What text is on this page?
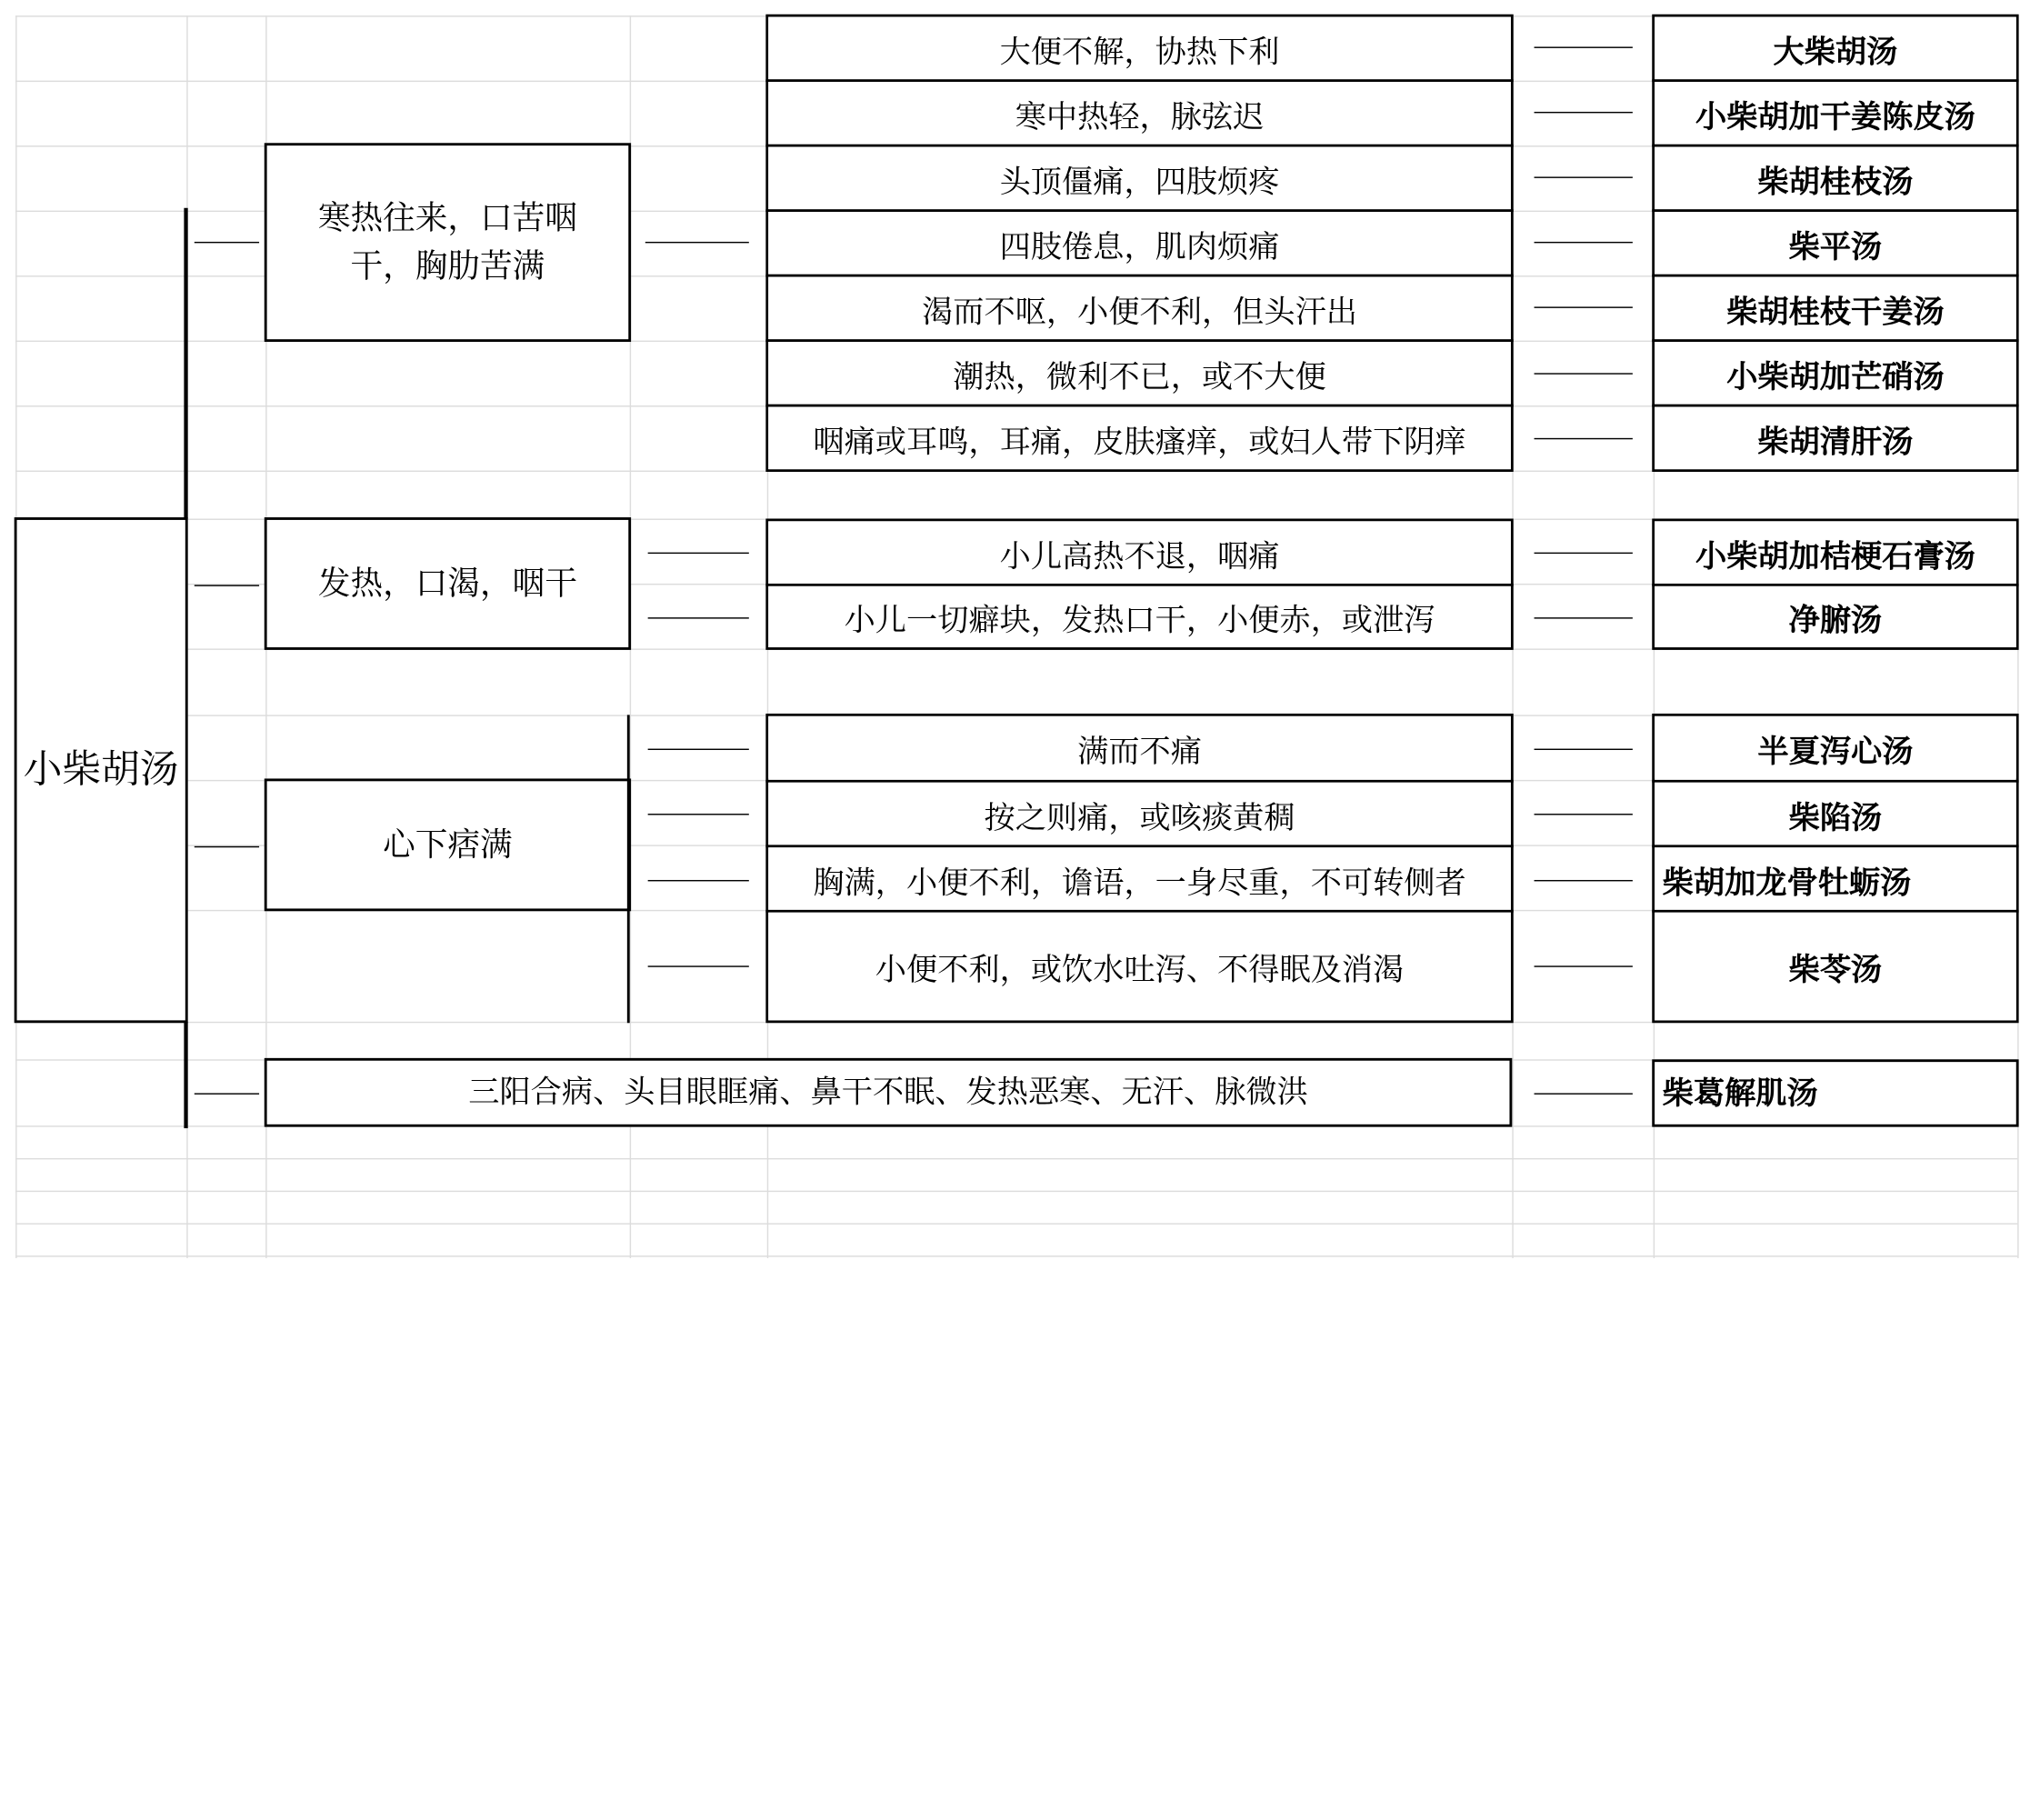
小柴胡汤
寒热往来，口苦咽干，胸肋苦满
发热，口渴，咽干
心下痞满
三阳合病、头目眼眶痛、鼻干不眠、发热恶寒、无汗、脉微洪
大便不解，协热下利
寒中热轻，脉弦迟
头顶僵痛，四肢烦疼
四肢倦息，肌肉烦痛
渴而不呕，小便不利，但头汗出
潮热，微利不已，或不大便
咽痛或耳鸣，耳痛，皮肤瘙痒，或妇人带下阴痒
小儿高热不退，咽痛
小儿一切癖块，发热口干，小便赤，或泄泻
满而不痛
按之则痛，或咳痰黄稠
胸满，小便不利，谵语，一身尽重，不可转侧者
小便不利，或饮水吐泻、不得眠及消渴
大柴胡汤
小柴胡加干姜陈皮汤
柴胡桂枝汤
柴平汤
柴胡桂枝干姜汤
小柴胡加芒硝汤
柴胡清肝汤
小柴胡加桔梗石膏汤
净腑汤
半夏泻心汤
柴陷汤
柴胡加龙骨牡蛎汤
柴苓汤
柴葛解肌汤
